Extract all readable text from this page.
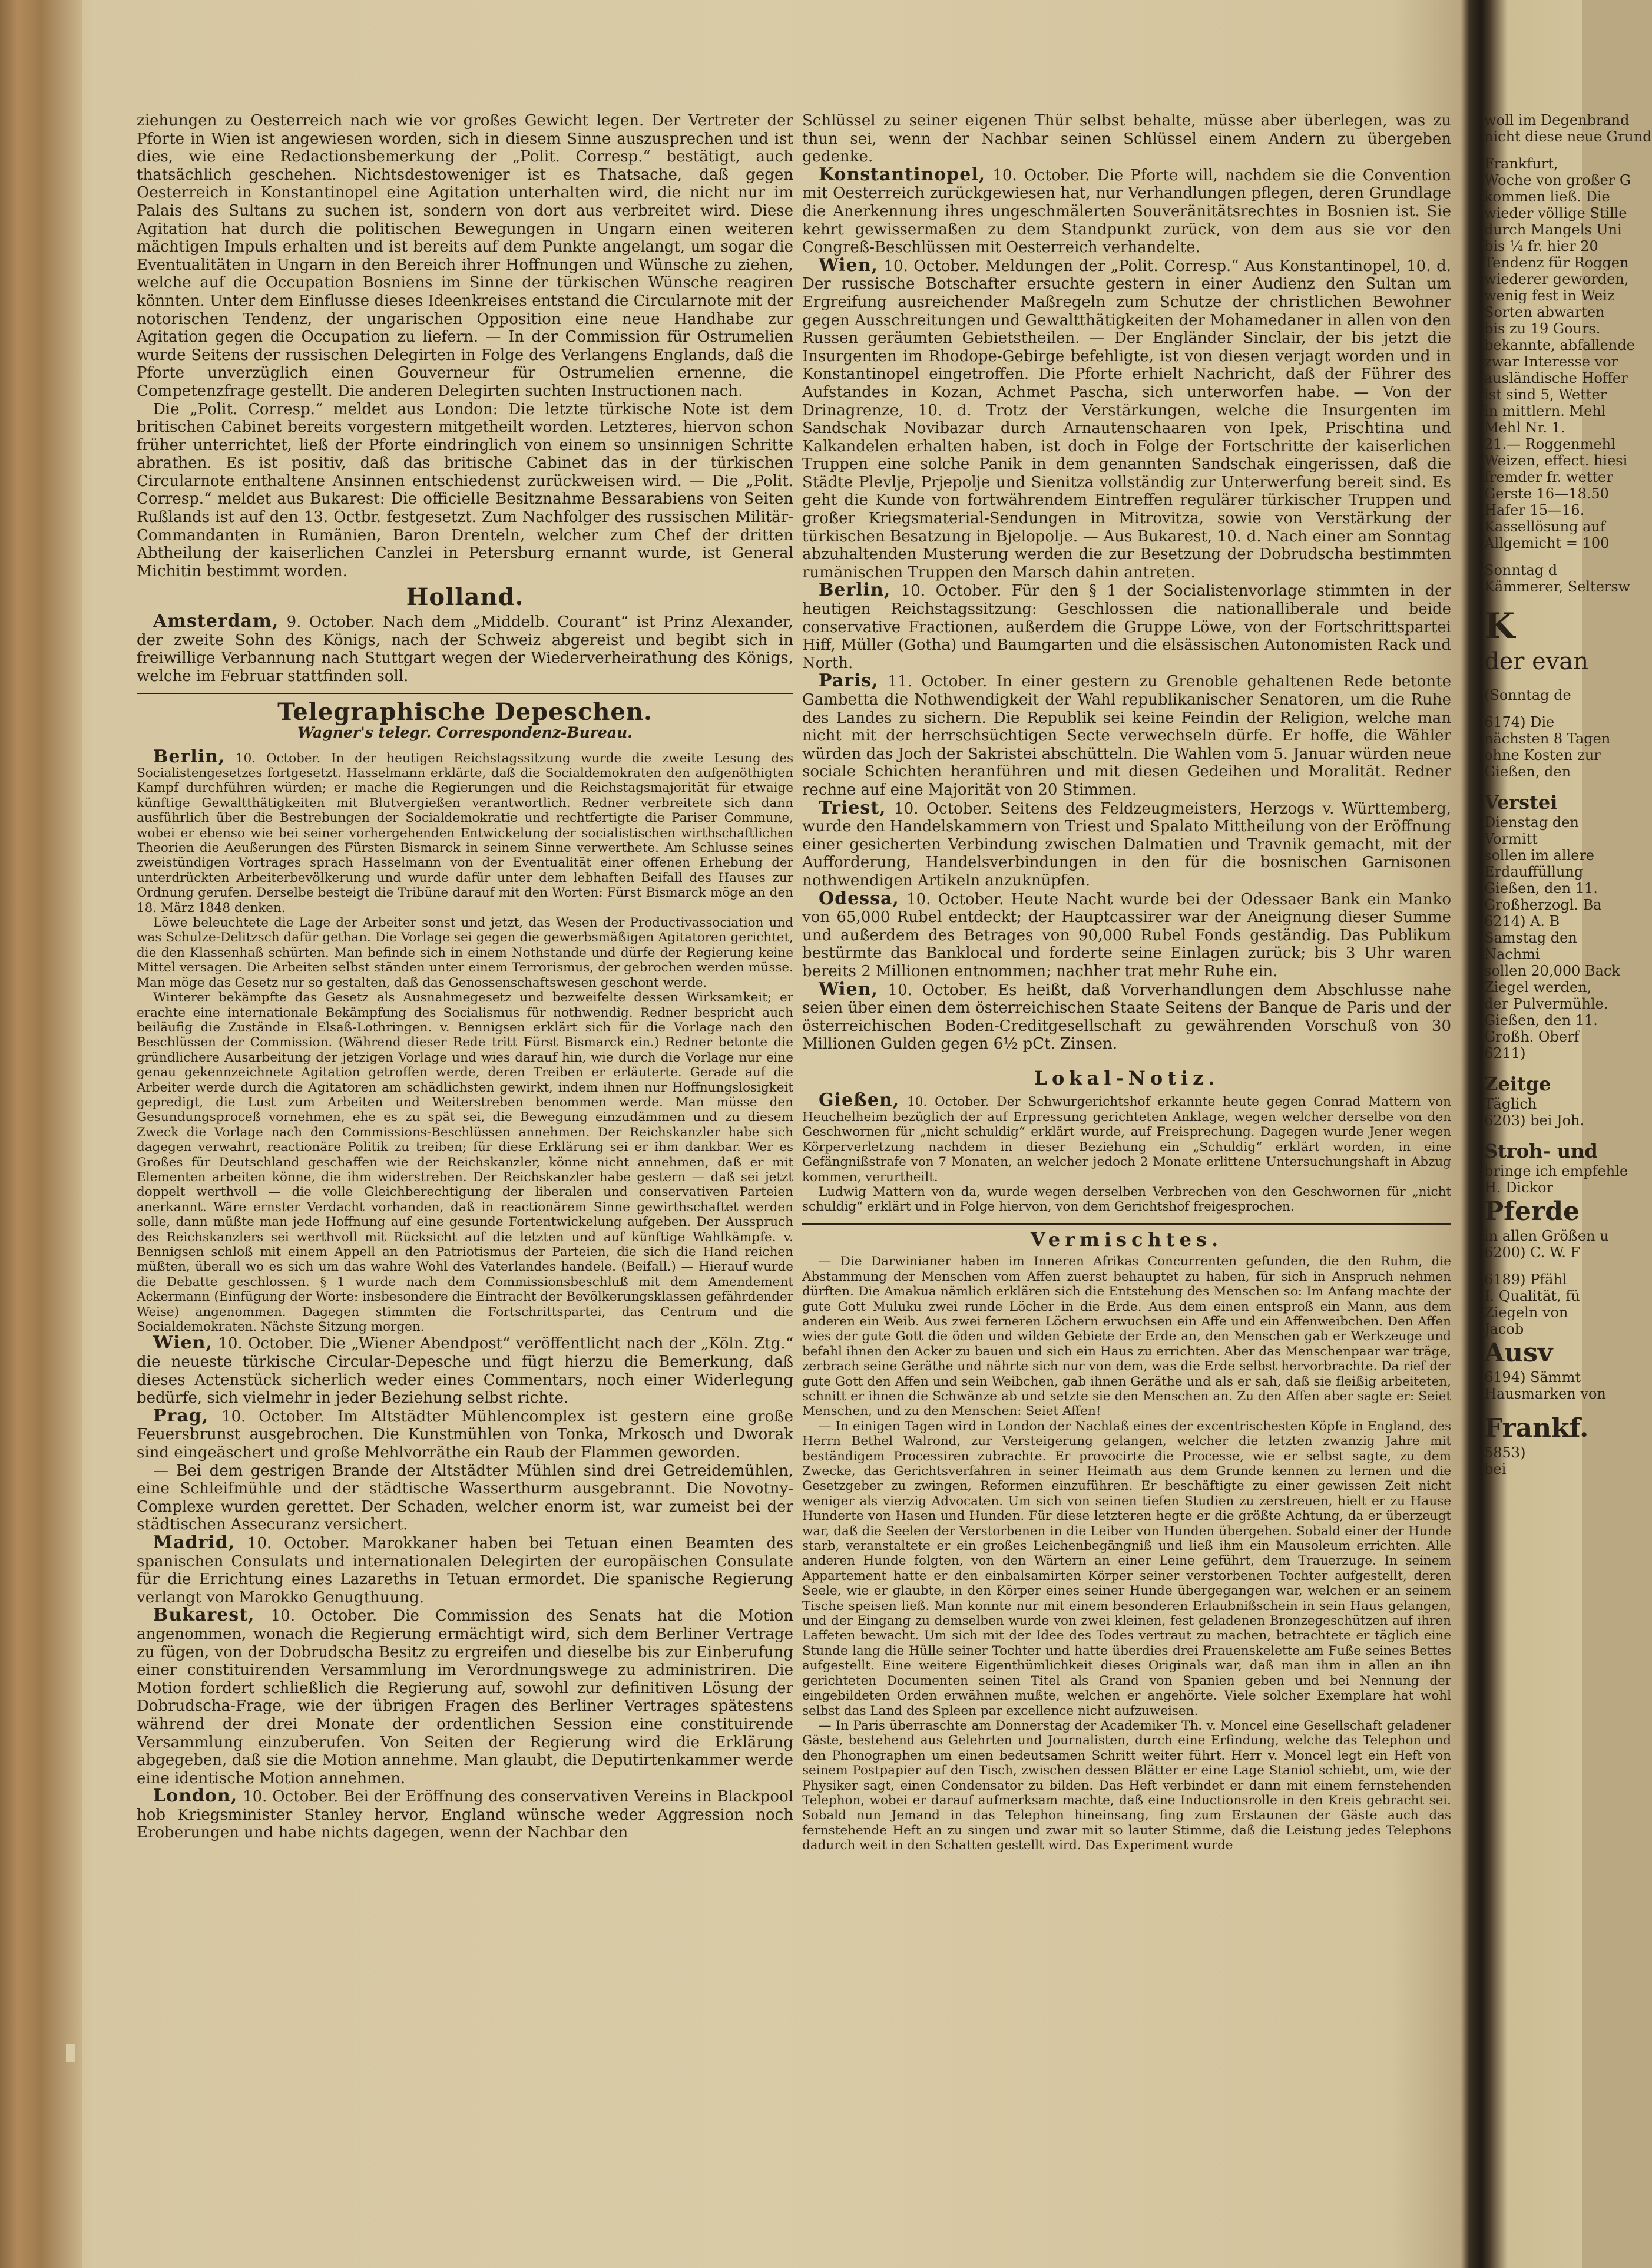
ziehungen zu Oesterreich nach wie vor großes Gewicht legen. Der Vertreter der Pforte in Wien ist angewiesen worden, sich in diesem Sinne auszusprechen und ist dies, wie eine Redactionsbemerkung der „Polit. Corresp.“ bestätigt, auch thatsächlich geschehen. Nichtsdestoweniger ist es Thatsache, daß gegen Oesterreich in Konstantinopel eine Agitation unterhalten wird, die nicht nur im Palais des Sultans zu suchen ist, sondern von dort aus verbreitet wird. Diese Agitation hat durch die politischen Bewegungen in Ungarn einen weiteren mächtigen Impuls erhalten und ist bereits auf dem Punkte angelangt, um sogar die Eventualitäten in Ungarn in den Bereich ihrer Hoffnungen und Wünsche zu ziehen, welche auf die Occupation Bosniens im Sinne der türkischen Wünsche reagiren könnten. Unter dem Einflusse dieses Ideenkreises entstand die Circularnote mit der notorischen Tendenz, der ungarischen Opposition eine neue Handhabe zur Agitation gegen die Occupation zu liefern. — In der Commission für Ostrumelien wurde Seitens der russischen Delegirten in Folge des Verlangens Englands, daß die Pforte unverzüglich einen Gouverneur für Ostrumelien ernenne, die Competenzfrage gestellt. Die anderen Delegirten suchten Instructionen nach.

Die „Polit. Corresp.“ meldet aus London: Die letzte türkische Note ist dem britischen Cabinet bereits vorgestern mitgetheilt worden. Letzteres, hiervon schon früher unterrichtet, ließ der Pforte eindringlich von einem so unsinnigen Schritte abrathen. Es ist positiv, daß das britische Cabinet das in der türkischen Circularnote enthaltene Ansinnen entschiedenst zurückweisen wird. — Die „Polit. Corresp.“ meldet aus Bukarest: Die officielle Besitznahme Bessarabiens von Seiten Rußlands ist auf den 13. Octbr. festgesetzt. Zum Nachfolger des russischen Militär-Commandanten in Rumänien, Baron Drenteln, welcher zum Chef der dritten Abtheilung der kaiserlichen Canzlei in Petersburg ernannt wurde, ist General Michitin bestimmt worden.

Holland.

Amsterdam, 9. October. Nach dem „Middelb. Courant“ ist Prinz Alexander, der zweite Sohn des Königs, nach der Schweiz abgereist und begibt sich in freiwillige Verbannung nach Stuttgart wegen der Wiederverheirathung des Königs, welche im Februar stattfinden soll.

Telegraphische Depeschen.
Wagner's telegr. Correspondenz-Bureau.

Berlin, 10. October. In der heutigen Reichstagssitzung wurde die zweite Lesung des Socialistengesetzes fortgesetzt. Hasselmann erklärte, daß die Socialdemokraten den aufgenöthigten Kampf durchführen würden; er mache die Regierungen und die Reichstagsmajorität für etwaige künftige Gewaltthätigkeiten mit Blutvergießen verantwortlich. Redner verbreitete sich dann ausführlich über die Bestrebungen der Socialdemokratie und rechtfertigte die Pariser Commune, wobei er ebenso wie bei seiner vorhergehenden Entwickelung der socialistischen wirthschaftlichen Theorien die Aeußerungen des Fürsten Bismarck in seinem Sinne verwerthete. Am Schlusse seines zweistündigen Vortrages sprach Hasselmann von der Eventualität einer offenen Erhebung der unterdrückten Arbeiterbevölkerung und wurde dafür unter dem lebhaften Beifall des Hauses zur Ordnung gerufen. Derselbe besteigt die Tribüne darauf mit den Worten: Fürst Bismarck möge an den 18. März 1848 denken.

Löwe beleuchtete die Lage der Arbeiter sonst und jetzt, das Wesen der Productivassociation und was Schulze-Delitzsch dafür gethan. Die Vorlage sei gegen die gewerbsmäßigen Agitatoren gerichtet, die den Klassenhaß schürten. Man befinde sich in einem Nothstande und dürfe der Regierung keine Mittel versagen. Die Arbeiten selbst ständen unter einem Terrorismus, der gebrochen werden müsse. Man möge das Gesetz nur so gestalten, daß das Genossenschaftswesen geschont werde.

Winterer bekämpfte das Gesetz als Ausnahmegesetz und bezweifelte dessen Wirksamkeit; er erachte eine internationale Bekämpfung des Socialismus für nothwendig. Redner bespricht auch beiläufig die Zustände in Elsaß-Lothringen. v. Bennigsen erklärt sich für die Vorlage nach den Beschlüssen der Commission. (Während dieser Rede tritt Fürst Bismarck ein.) Redner betonte die gründlichere Ausarbeitung der jetzigen Vorlage und wies darauf hin, wie durch die Vorlage nur eine genau gekennzeichnete Agitation getroffen werde, deren Treiben er erläuterte. Gerade auf die Arbeiter werde durch die Agitatoren am schädlichsten gewirkt, indem ihnen nur Hoffnungslosigkeit gepredigt, die Lust zum Arbeiten und Weiterstreben benommen werde. Man müsse den Gesundungsproceß vornehmen, ehe es zu spät sei, die Bewegung einzudämmen und zu diesem Zweck die Vorlage nach den Commissions-Beschlüssen annehmen. Der Reichskanzler habe sich dagegen verwahrt, reactionäre Politik zu treiben; für diese Erklärung sei er ihm dankbar. Wer es Großes für Deutschland geschaffen wie der Reichskanzler, könne nicht annehmen, daß er mit Elementen arbeiten könne, die ihm widerstreben. Der Reichskanzler habe gestern — daß sei jetzt doppelt werthvoll — die volle Gleichberechtigung der liberalen und conservativen Parteien anerkannt. Wäre ernster Verdacht vorhanden, daß in reactionärem Sinne gewirthschaftet werden solle, dann müßte man jede Hoffnung auf eine gesunde Fortentwickelung aufgeben. Der Ausspruch des Reichskanzlers sei werthvoll mit Rücksicht auf die letzten und auf künftige Wahlkämpfe. v. Bennigsen schloß mit einem Appell an den Patriotismus der Parteien, die sich die Hand reichen müßten, überall wo es sich um das wahre Wohl des Vaterlandes handele. (Beifall.) — Hierauf wurde die Debatte geschlossen. § 1 wurde nach dem Commissionsbeschluß mit dem Amendement Ackermann (Einfügung der Worte: insbesondere die Eintracht der Bevölkerungsklassen gefährdender Weise) angenommen. Dagegen stimmten die Fortschrittspartei, das Centrum und die Socialdemokraten. Nächste Sitzung morgen.

Wien, 10. October. Die „Wiener Abendpost“ veröffentlicht nach der „Köln. Ztg.“ die neueste türkische Circular-Depesche und fügt hierzu die Bemerkung, daß dieses Actenstück sicherlich weder eines Commentars, noch einer Widerlegung bedürfe, sich vielmehr in jeder Beziehung selbst richte.

Prag, 10. October. Im Altstädter Mühlencomplex ist gestern eine große Feuersbrunst ausgebrochen. Die Kunstmühlen von Tonka, Mrkosch und Dworak sind eingeäschert und große Mehlvorräthe ein Raub der Flammen geworden.

— Bei dem gestrigen Brande der Altstädter Mühlen sind drei Getreidemühlen, eine Schleifmühle und der städtische Wasserthurm ausgebrannt. Die Novotny-Complexe wurden gerettet. Der Schaden, welcher enorm ist, war zumeist bei der städtischen Assecuranz versichert.

Madrid, 10. October. Marokkaner haben bei Tetuan einen Beamten des spanischen Consulats und internationalen Delegirten der europäischen Consulate für die Errichtung eines Lazareths in Tetuan ermordet. Die spanische Regierung verlangt von Marokko Genugthuung.

Bukarest, 10. October. Die Commission des Senats hat die Motion angenommen, wonach die Regierung ermächtigt wird, sich dem Berliner Vertrage zu fügen, von der Dobrudscha Besitz zu ergreifen und dieselbe bis zur Einberufung einer constituirenden Versammlung im Verordnungswege zu administriren. Die Motion fordert schließlich die Regierung auf, sowohl zur definitiven Lösung der Dobrudscha-Frage, wie der übrigen Fragen des Berliner Vertrages spätestens während der drei Monate der ordentlichen Session eine constituirende Versammlung einzuberufen. Von Seiten der Regierung wird die Erklärung abgegeben, daß sie die Motion annehme. Man glaubt, die Deputirtenkammer werde eine identische Motion annehmen.

London, 10. October. Bei der Eröffnung des conservativen Vereins in Blackpool hob Kriegsminister Stanley hervor, England wünsche weder Aggression noch Eroberungen und habe nichts dagegen, wenn der Nachbar den

Schlüssel zu seiner eigenen Thür selbst behalte, müsse aber überlegen, was zu thun sei, wenn der Nachbar seinen Schlüssel einem Andern zu übergeben gedenke.

Konstantinopel, 10. October. Die Pforte will, nachdem sie die Convention mit Oesterreich zurückgewiesen hat, nur Verhandlungen pflegen, deren Grundlage die Anerkennung ihres ungeschmälerten Souveränitätsrechtes in Bosnien ist. Sie kehrt gewissermaßen zu dem Standpunkt zurück, von dem aus sie vor den Congreß-Beschlüssen mit Oesterreich verhandelte.

Wien, 10. October. Meldungen der „Polit. Corresp.“ Aus Konstantinopel, 10. d. Der russische Botschafter ersuchte gestern in einer Audienz den Sultan um Ergreifung ausreichender Maßregeln zum Schutze der christlichen Bewohner gegen Ausschreitungen und Gewaltthätigkeiten der Mohamedaner in allen von den Russen geräumten Gebietstheilen. — Der Engländer Sinclair, der bis jetzt die Insurgenten im Rhodope-Gebirge befehligte, ist von diesen verjagt worden und in Konstantinopel eingetroffen. Die Pforte erhielt Nachricht, daß der Führer des Aufstandes in Kozan, Achmet Pascha, sich unterworfen habe. — Von der Drinagrenze, 10. d. Trotz der Verstärkungen, welche die Insurgenten im Sandschak Novibazar durch Arnautenschaaren von Ipek, Prischtina und Kalkandelen erhalten haben, ist doch in Folge der Fortschritte der kaiserlichen Truppen eine solche Panik in dem genannten Sandschak eingerissen, daß die Städte Plevlje, Prjepolje und Sienitza vollständig zur Unterwerfung bereit sind. Es geht die Kunde von fortwährendem Eintreffen regulärer türkischer Truppen und großer Kriegsmaterial-Sendungen in Mitrovitza, sowie von Verstärkung der türkischen Besatzung in Bjelopolje. — Aus Bukarest, 10. d. Nach einer am Sonntag abzuhaltenden Musterung werden die zur Besetzung der Dobrudscha bestimmten rumänischen Truppen den Marsch dahin antreten.

Berlin, 10. October. Für den § 1 der Socialistenvorlage stimmten in der heutigen Reichstagssitzung: Geschlossen die nationalliberale und beide conservative Fractionen, außerdem die Gruppe Löwe, von der Fortschrittspartei Hiff, Müller (Gotha) und Baumgarten und die elsässischen Autonomisten Rack und North.

Paris, 11. October. In einer gestern zu Grenoble gehaltenen Rede betonte Gambetta die Nothwendigkeit der Wahl republikanischer Senatoren, um die Ruhe des Landes zu sichern. Die Republik sei keine Feindin der Religion, welche man nicht mit der herrschsüchtigen Secte verwechseln dürfe. Er hoffe, die Wähler würden das Joch der Sakristei abschütteln. Die Wahlen vom 5. Januar würden neue sociale Schichten heranführen und mit diesen Gedeihen und Moralität. Redner rechne auf eine Majorität von 20 Stimmen.

Triest, 10. October. Seitens des Feldzeugmeisters, Herzogs v. Württemberg, wurde den Handelskammern von Triest und Spalato Mittheilung von der Eröffnung einer gesicherten Verbindung zwischen Dalmatien und Travnik gemacht, mit der Aufforderung, Handelsverbindungen in den für die bosnischen Garnisonen nothwendigen Artikeln anzuknüpfen.

Odessa, 10. October. Heute Nacht wurde bei der Odessaer Bank ein Manko von 65,000 Rubel entdeckt; der Hauptcassirer war der Aneignung dieser Summe und außerdem des Betrages von 90,000 Rubel Fonds geständig. Das Publikum bestürmte das Banklocal und forderte seine Einlagen zurück; bis 3 Uhr waren bereits 2 Millionen entnommen; nachher trat mehr Ruhe ein.

Wien, 10. October. Es heißt, daß Vorverhandlungen dem Abschlusse nahe seien über einen dem österreichischen Staate Seitens der Banque de Paris und der österreichischen Boden-Creditgesellschaft zu gewährenden Vorschuß von 30 Millionen Gulden gegen 6½ pCt. Zinsen.

Lokal-Notiz.

Gießen, 10. October. Der Schwurgerichtshof erkannte heute gegen Conrad Mattern von Heuchelheim bezüglich der auf Erpressung gerichteten Anklage, wegen welcher derselbe von den Geschwornen für „nicht schuldig“ erklärt wurde, auf Freisprechung. Dagegen wurde Jener wegen Körperverletzung nachdem in dieser Beziehung ein „Schuldig“ erklärt worden, in eine Gefängnißstrafe von 7 Monaten, an welcher jedoch 2 Monate erlittene Untersuchungshaft in Abzug kommen, verurtheilt.

Ludwig Mattern von da, wurde wegen derselben Verbrechen von den Geschwornen für „nicht schuldig“ erklärt und in Folge hiervon, von dem Gerichtshof freigesprochen.

Vermischtes.

— Die Darwinianer haben im Inneren Afrikas Concurrenten gefunden, die den Ruhm, die Abstammung der Menschen vom Affen zuerst behauptet zu haben, für sich in Anspruch nehmen dürften. Die Amakua nämlich erklären sich die Entstehung des Menschen so: Im Anfang machte der gute Gott Muluku zwei runde Löcher in die Erde. Aus dem einen entsproß ein Mann, aus dem anderen ein Weib. Aus zwei ferneren Löchern erwuchsen ein Affe und ein Affenweibchen. Den Affen wies der gute Gott die öden und wilden Gebiete der Erde an, den Menschen gab er Werkzeuge und befahl ihnen den Acker zu bauen und sich ein Haus zu errichten. Aber das Menschenpaar war träge, zerbrach seine Geräthe und nährte sich nur von dem, was die Erde selbst hervorbrachte. Da rief der gute Gott den Affen und sein Weibchen, gab ihnen Geräthe und als er sah, daß sie fleißig arbeiteten, schnitt er ihnen die Schwänze ab und setzte sie den Menschen an. Zu den Affen aber sagte er: Seiet Menschen, und zu den Menschen: Seiet Affen!

— In einigen Tagen wird in London der Nachlaß eines der excentrischesten Köpfe in England, des Herrn Bethel Walrond, zur Versteigerung gelangen, welcher die letzten zwanzig Jahre mit beständigem Processiren zubrachte. Er provocirte die Processe, wie er selbst sagte, zu dem Zwecke, das Gerichtsverfahren in seiner Heimath aus dem Grunde kennen zu lernen und die Gesetzgeber zu zwingen, Reformen einzuführen. Er beschäftigte zu einer gewissen Zeit nicht weniger als vierzig Advocaten. Um sich von seinen tiefen Studien zu zerstreuen, hielt er zu Hause Hunderte von Hasen und Hunden. Für diese letzteren hegte er die größte Achtung, da er überzeugt war, daß die Seelen der Verstorbenen in die Leiber von Hunden übergehen. Sobald einer der Hunde starb, veranstaltete er ein großes Leichenbegängniß und ließ ihm ein Mausoleum errichten. Alle anderen Hunde folgten, von den Wärtern an einer Leine geführt, dem Trauerzuge. In seinem Appartement hatte er den einbalsamirten Körper seiner verstorbenen Tochter aufgestellt, deren Seele, wie er glaubte, in den Körper eines seiner Hunde übergegangen war, welchen er an seinem Tische speisen ließ. Man konnte nur mit einem besonderen Erlaubnißschein in sein Haus gelangen, und der Eingang zu demselben wurde von zwei kleinen, fest geladenen Bronzegeschützen auf ihren Laffeten bewacht. Um sich mit der Idee des Todes vertraut zu machen, betrachtete er täglich eine Stunde lang die Hülle seiner Tochter und hatte überdies drei Frauenskelette am Fuße seines Bettes aufgestellt. Eine weitere Eigenthümlichkeit dieses Originals war, daß man ihm in allen an ihn gerichteten Documenten seinen Titel als Grand von Spanien geben und bei Nennung der eingebildeten Orden erwähnen mußte, welchen er angehörte. Viele solcher Exemplare hat wohl selbst das Land des Spleen par excellence nicht aufzuweisen.

— In Paris überraschte am Donnerstag der Academiker Th. v. Moncel eine Gesellschaft geladener Gäste, bestehend aus Gelehrten und Journalisten, durch eine Erfindung, welche das Telephon und den Phonographen um einen bedeutsamen Schritt weiter führt. Herr v. Moncel legt ein Heft von seinem Postpapier auf den Tisch, zwischen dessen Blätter er eine Lage Staniol schiebt, um, wie der Physiker sagt, einen Condensator zu bilden. Das Heft verbindet er dann mit einem fernstehenden Telephon, wobei er darauf aufmerksam machte, daß eine Inductionsrolle in den Kreis gebracht sei. Sobald nun Jemand in das Telephon hineinsang, fing zum Erstaunen der Gäste auch das fernstehende Heft an zu singen und zwar mit so lauter Stimme, daß die Leistung jedes Telephons dadurch weit in den Schatten gestellt wird. Das Experiment wurde

woll im Degenbrand
nicht diese neue Grund
Frankfurt,
Woche von großer G
kommen ließ. Die
wieder völlige Stille
durch Mangels Uni
bis ¼ fr. hier 20
Tendenz für Roggen
wiederer geworden,
wenig fest in Weiz
Sorten abwarten
bis zu 19 Gours.
bekannte, abfallende
zwar Interesse vor
ausländische Hoffer
ist sind 5, Wetter
in mittlern. Mehl
Mehl Nr. 1.
21.— Roggenmehl
Weizen, effect. hiesi
fremder fr. wetter
Gerste 16—18.50
Hafer 15—16.
Kassellösung auf
Allgemicht = 100
Sonntag d
Kämmerer, Seltersw
K
der evan
(Sonntag de
6174) Die
nächsten 8 Tagen
ohne Kosten zur
Gießen, den
Verstei
Dienstag den
Vormitt
sollen im allere
Erdauffüllung
Gießen, den 11.
Großherzogl. Ba
6214) A. B
Samstag den
Nachmi
sollen 20,000 Back
Ziegel werden,
der Pulvermühle.
Gießen, den 11.
Großh. Oberf
6211)
Zeitge
Täglich
6203) bei Joh.
Stroh- und
bringe ich empfehle
H. Dickor
Pferde
in allen Größen u
6200) C. W. F
6189) Pfähl
I. Qualität, fü
Ziegeln von
Jacob
Ausv
6194) Sämmt
Hausmarken von
Frankf.
5853)
bei
